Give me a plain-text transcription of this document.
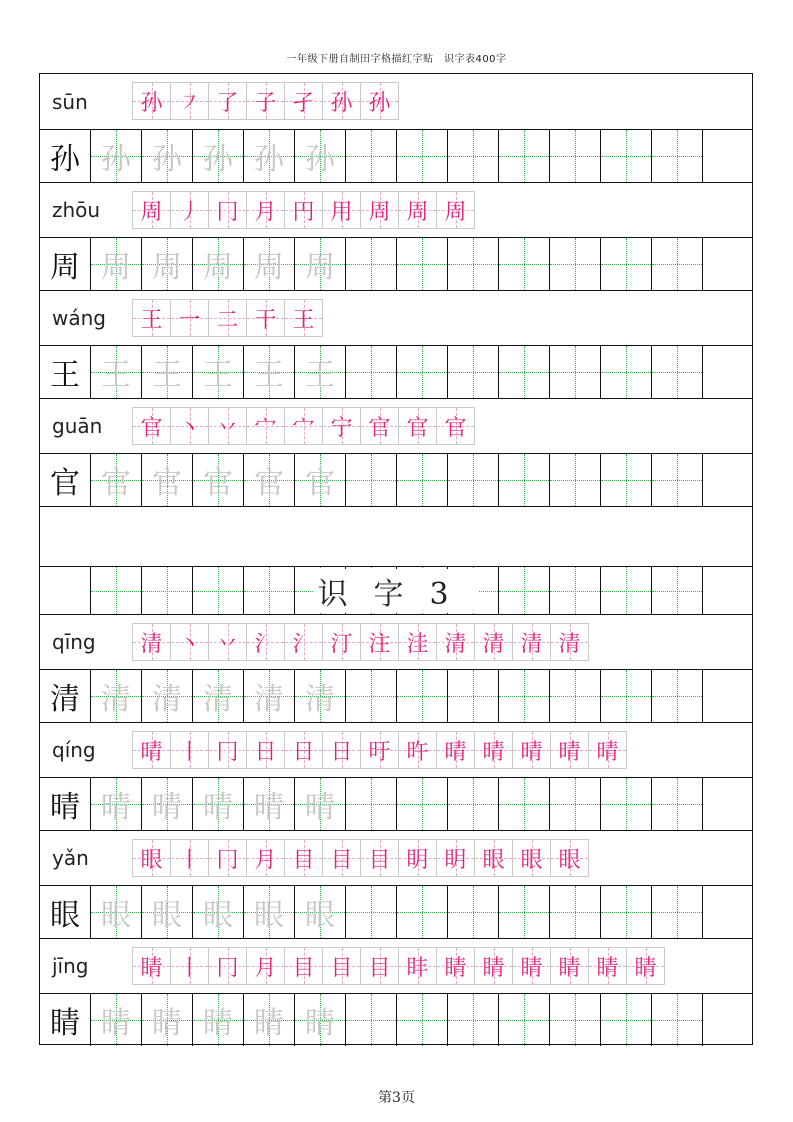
一年级下册自制田字格描红字贴　识字表400字
sūn 孙 ㇇ 了 子 孑 孙 孙
孙 孙 孙 孙 孙 孙
zhōu 周 丿 冂 月 円 用 周 周 周
周 周 周 周 周 周
wáng 王 一 二 干 王
王 王 王 王 王 王
guān 官 丶 丷 宀 宀 宁 官 官 官
官 官 官 官 官 官
识字3
qīng 清 丶 丷 氵 氵 汀 注 洼 清 清 清 清
清 清 清 清 清 清
qíng 晴 丨 冂 日 日 日 旴 旿 晴 晴 晴 晴 晴
晴 晴 晴 晴 晴 晴
yǎn 眼 丨 冂 月 目 目 目 眀 眀 眼 眼 眼
眼 眼 眼 眼 眼 眼
jīng 睛 丨 冂 月 目 目 目 盽 睛 睛 睛 睛 睛 睛
睛 睛 睛 睛 睛 睛
第3页
